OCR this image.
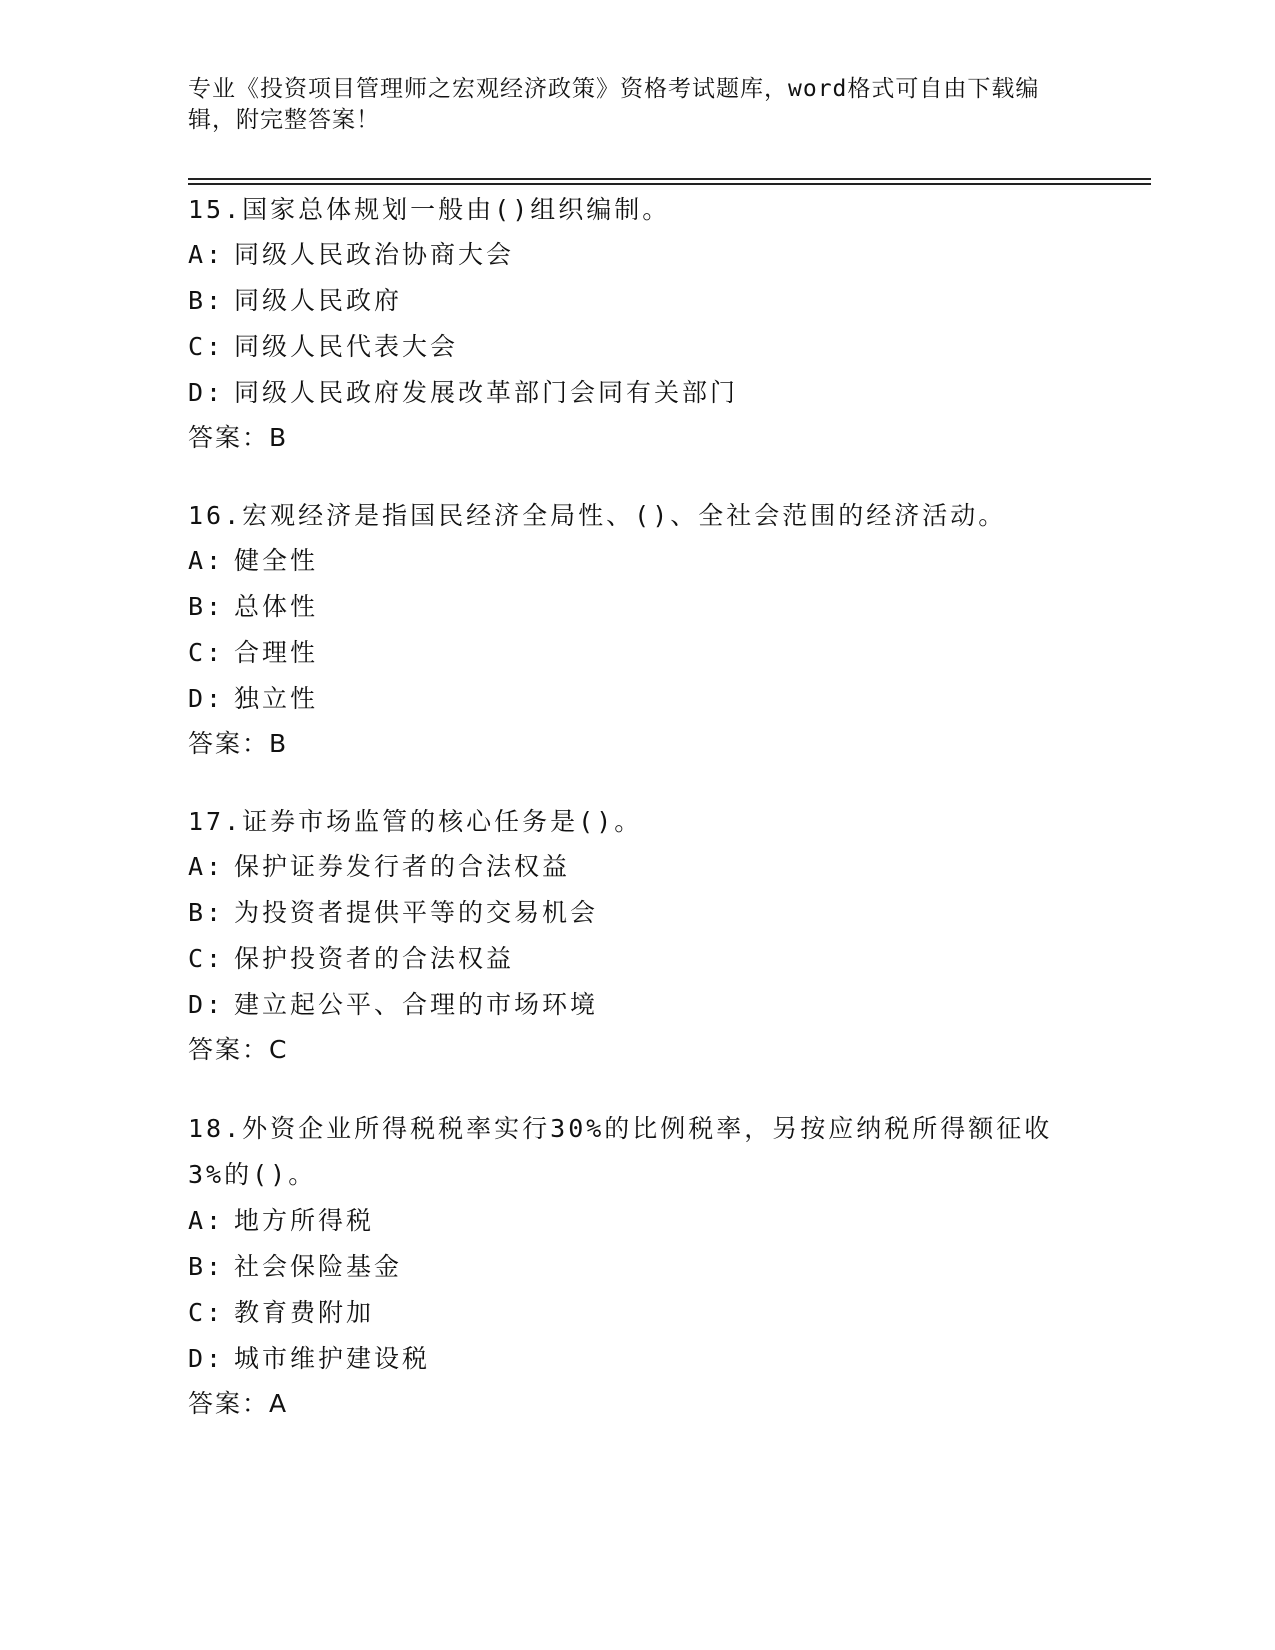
专业《投资项目管理师之宏观经济政策》资格考试题库，word格式可自由下载编辑，附完整答案！
15.国家总体规划一般由()组织编制。
A: 同级人民政治协商大会
B: 同级人民政府
C: 同级人民代表大会
D: 同级人民政府发展改革部门会同有关部门
答案：B
16.宏观经济是指国民经济全局性、()、全社会范围的经济活动。
A: 健全性
B: 总体性
C: 合理性
D: 独立性
答案：B
17.证券市场监管的核心任务是()。
A: 保护证券发行者的合法权益
B: 为投资者提供平等的交易机会
C: 保护投资者的合法权益
D: 建立起公平、合理的市场环境
答案：C
18.外资企业所得税税率实行30%的比例税率，另按应纳税所得额征收3%的()。
A: 地方所得税
B: 社会保险基金
C: 教育费附加
D: 城市维护建设税
答案：A
